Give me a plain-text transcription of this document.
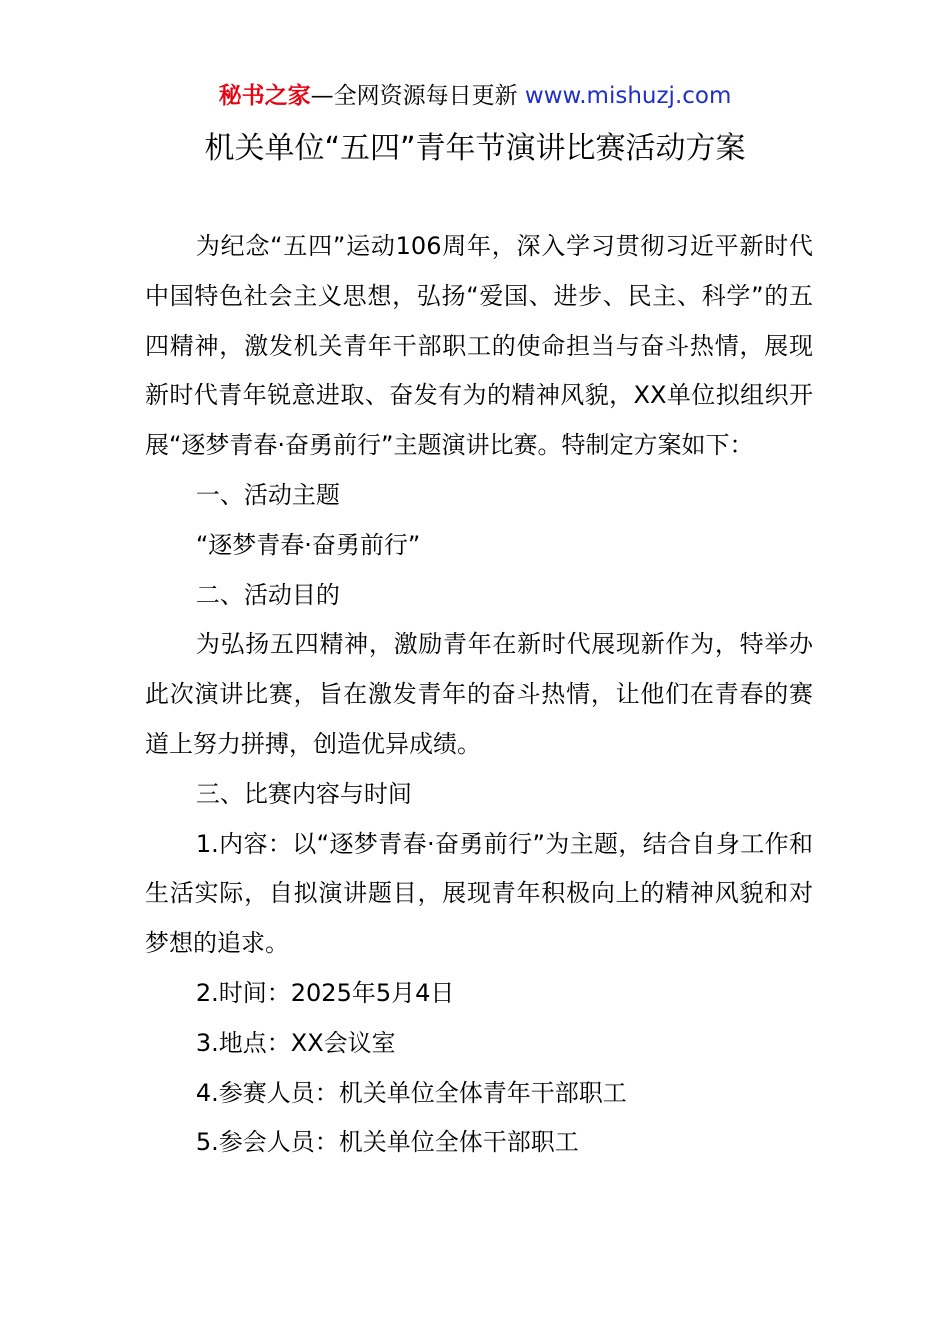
秘书之家—全网资源每日更新 www.mishuzj.com
机关单位“五四”青年节演讲比赛活动方案

为纪念“五四”运动106周年，深入学习贯彻习近平新时代中国特色社会主义思想，弘扬“爱国、进步、民主、科学”的五四精神，激发机关青年干部职工的使命担当与奋斗热情，展现新时代青年锐意进取、奋发有为的精神风貌，XX单位拟组织开展“逐梦青春·奋勇前行”主题演讲比赛。特制定方案如下：

一、活动主题

“逐梦青春·奋勇前行”

二、活动目的

为弘扬五四精神，激励青年在新时代展现新作为，特举办此次演讲比赛，旨在激发青年的奋斗热情，让他们在青春的赛道上努力拼搏，创造优异成绩。

三、比赛内容与时间

1.内容：以“逐梦青春·奋勇前行”为主题，结合自身工作和生活实际，自拟演讲题目，展现青年积极向上的精神风貌和对梦想的追求。

2.时间：2025年5月4日

3.地点：XX会议室

4.参赛人员：机关单位全体青年干部职工

5.参会人员：机关单位全体干部职工
